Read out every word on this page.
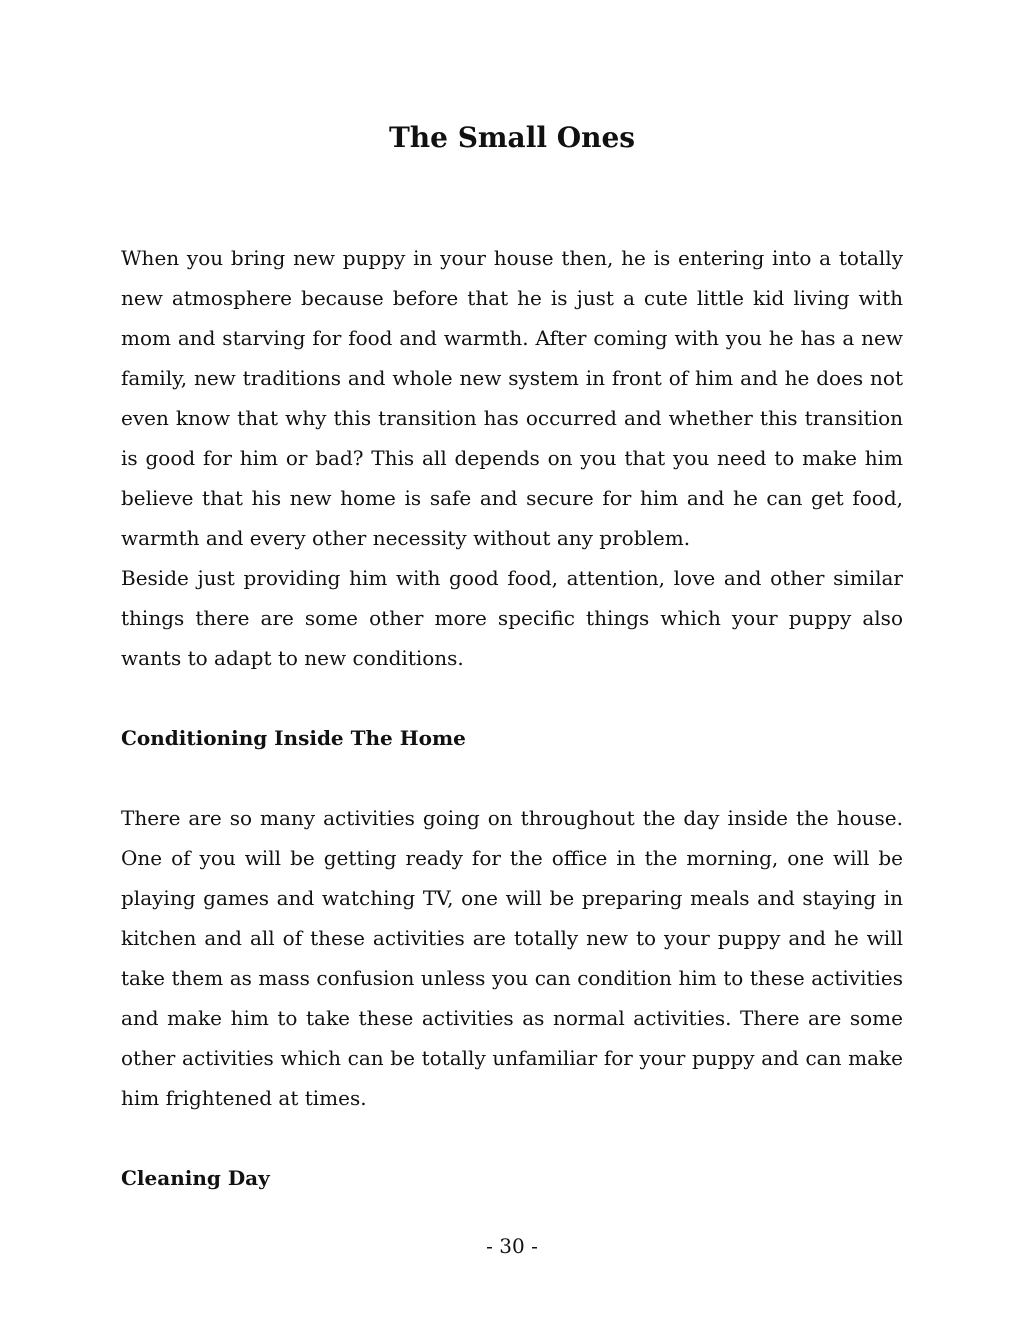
The Small Ones

When you bring new puppy in your house then, he is entering into a totally new atmosphere because before that he is just a cute little kid living with mom and starving for food and warmth. After coming with you he has a new family, new traditions and whole new system in front of him and he does not even know that why this transition has occurred and whether this transition is good for him or bad? This all depends on you that you need to make him believe that his new home is safe and secure for him and he can get food, warmth and every other necessity without any problem.

Beside just providing him with good food, attention, love and other similar things there are some other more specific things which your puppy also wants to adapt to new conditions.

Conditioning Inside The Home

There are so many activities going on throughout the day inside the house. One of you will be getting ready for the office in the morning, one will be playing games and watching TV, one will be preparing meals and staying in kitchen and all of these activities are totally new to your puppy and he will take them as mass confusion unless you can condition him to these activities and make him to take these activities as normal activities. There are some other activities which can be totally unfamiliar for your puppy and can make him frightened at times.

Cleaning Day
- 30 -
